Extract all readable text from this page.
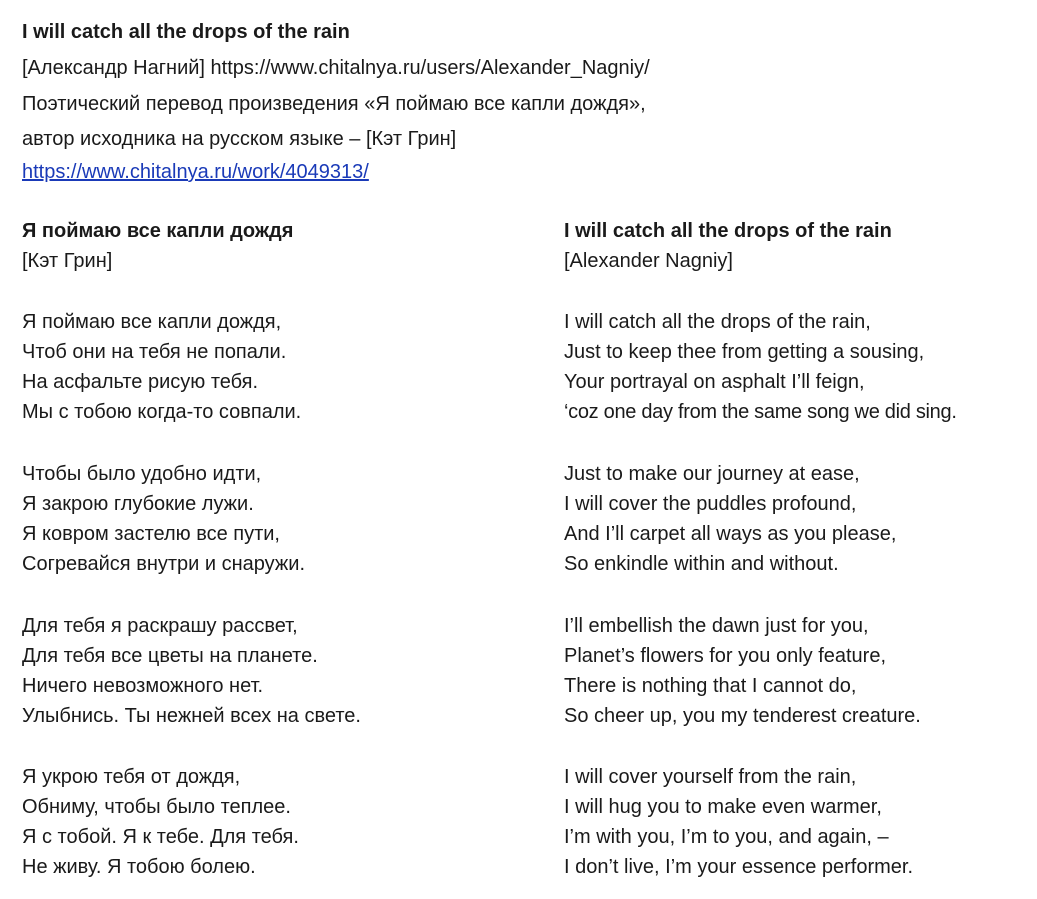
I will catch all the drops of the rain
[Александр Нагний] https://www.chitalnya.ru/users/Alexander_Nagniy/
Поэтический перевод произведения «Я поймаю все капли дождя»,
автор исходника на русском языке – [Кэт Грин]
https://www.chitalnya.ru/work/4049313/
Я поймаю все капли дождя
[Кэт Грин]
Я поймаю все капли дождя,
Чтоб они на тебя не попали.
На асфальте рисую тебя.
Мы с тобою когда-то совпали.
Чтобы было удобно идти,
Я закрою глубокие лужи.
Я ковром застелю все пути,
Согревайся внутри и снаружи.
Для тебя я раскрашу рассвет,
Для тебя все цветы на планете.
Ничего невозможного нет.
Улыбнись. Ты нежней всех на свете.
Я укрою тебя от дождя,
Обниму, чтобы было теплее.
Я с тобой. Я к тебе. Для тебя.
Не живу. Я тобою болею.
I will catch all the drops of the rain
[Alexander Nagniy]
I will catch all the drops of the rain,
Just to keep thee from getting a sousing,
Your portrayal on asphalt I’ll feign,
‘coz one day from the same song we did sing.
Just to make our journey at ease,
I will cover the puddles profound,
And I’ll carpet all ways as you please,
So enkindle within and without.
I’ll embellish the dawn just for you,
Planet’s flowers for you only feature,
There is nothing that I cannot do,
So cheer up, you my tenderest creature.
I will cover yourself from the rain,
I will hug you to make even warmer,
I’m with you, I’m to you, and again, –
I don’t live, I’m your essence performer.
